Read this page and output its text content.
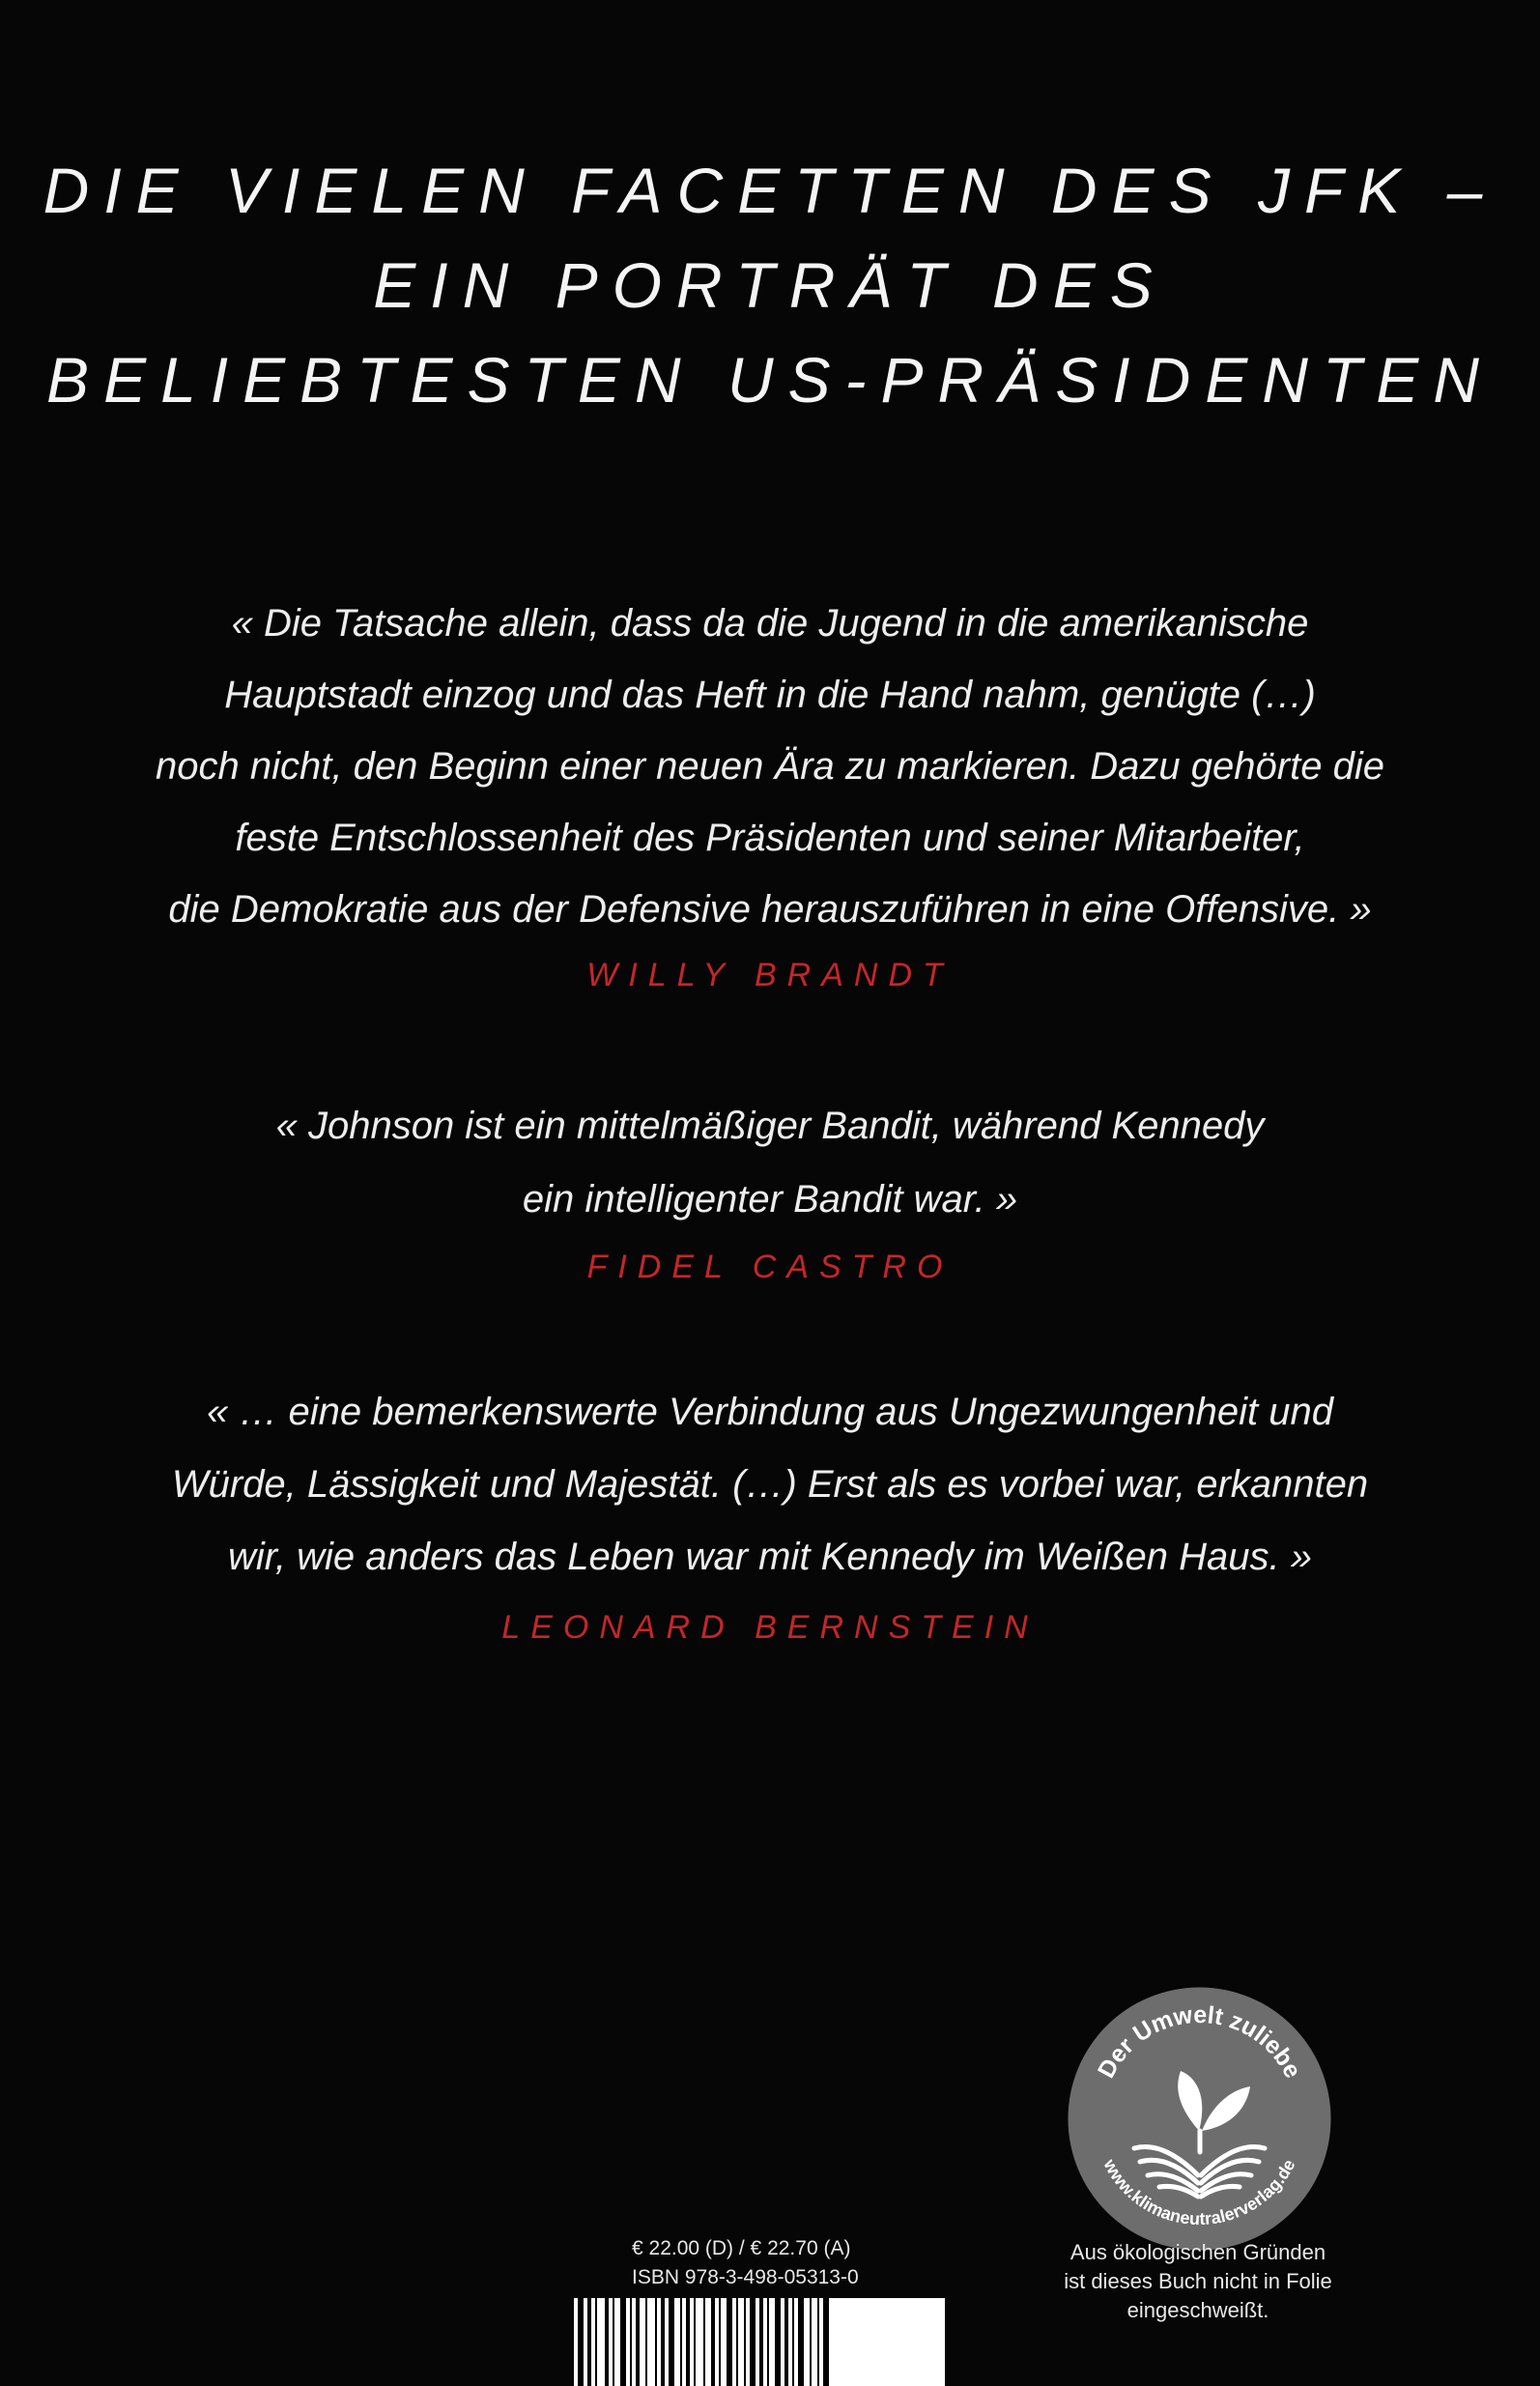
DIE VIELEN FACETTEN DES JFK –
EIN PORTRÄT DES
BELIEBTESTEN US-PRÄSIDENTEN
« Die Tatsache allein, dass da die Jugend in die amerikanische
Hauptstadt einzog und das Heft in die Hand nahm, genügte (…)
noch nicht, den Beginn einer neuen Ära zu markieren. Dazu gehörte die
feste Entschlossenheit des Präsidenten und seiner Mitarbeiter,
die Demokratie aus der Defensive herauszuführen in eine Offensive. »
WILLY BRANDT
« Johnson ist ein mittelmäßiger Bandit, während Kennedy
ein intelligenter Bandit war. »
FIDEL CASTRO
« … eine bemerkenswerte Verbindung aus Ungezwungenheit und
Würde, Lässigkeit und Majestät. (…) Erst als es vorbei war, erkannten
wir, wie anders das Leben war mit Kennedy im Weißen Haus. »
LEONARD BERNSTEIN
Der Umwelt zuliebe
www.klimaneutralerverlag.de
€ 22.00 (D) / € 22.70 (A)
ISBN 978-3-498-05313-0
Aus ökologischen Gründen
ist dieses Buch nicht in Folie
eingeschweißt.
